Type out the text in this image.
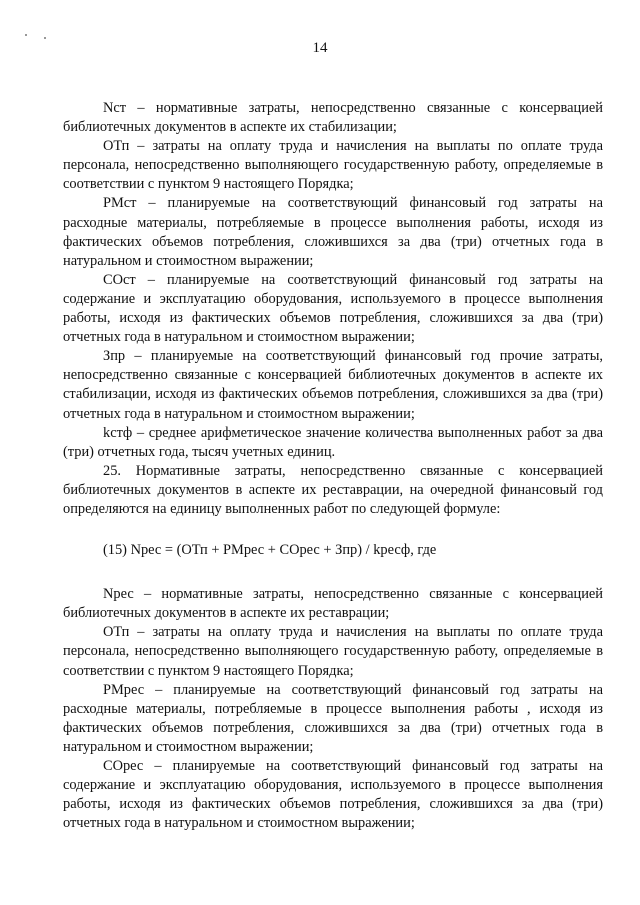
14

Nст – нормативные затраты, непосредственно связанные с консервацией библиотечных документов в аспекте их стабилизации;

ОТп – затраты на оплату труда и начисления на выплаты по оплате труда персонала, непосредственно выполняющего государственную работу, определяемые в соответствии с пунктом 9 настоящего Порядка;

РМст – планируемые на соответствующий финансовый год затраты на расходные материалы, потребляемые в процессе выполнения работы, исходя из фактических объемов потребления, сложившихся за два (три) отчетных года в натуральном и стоимостном выражении;

СОст – планируемые на соответствующий финансовый год затраты на содержание и эксплуатацию оборудования, используемого в процессе выполнения работы, исходя из фактических объемов потребления, сложившихся за два (три) отчетных года в натуральном и стоимостном выражении;

Зпр – планируемые на соответствующий финансовый год прочие затраты, непосредственно связанные с консервацией библиотечных документов в аспекте их стабилизации, исходя из фактических объемов потребления, сложившихся за два (три) отчетных года в натуральном и стоимостном выражении;

kстф – среднее арифметическое значение количества выполненных работ за два (три) отчетных года, тысяч учетных единиц.

25. Нормативные затраты, непосредственно связанные с консервацией библиотечных документов в аспекте их реставрации, на очередной финансовый год определяются на единицу выполненных работ по следующей формуле:

(15) Nрес = (ОТп + РМрес + СОрес + Зпр) / kресф, где

Nрес – нормативные затраты, непосредственно связанные с консервацией библиотечных документов в аспекте их реставрации;

ОТп – затраты на оплату труда и начисления на выплаты по оплате труда персонала, непосредственно выполняющего государственную работу, определяемые в соответствии с пунктом 9 настоящего Порядка;

РМрес – планируемые на соответствующий финансовый год затраты на расходные материалы, потребляемые в процессе выполнения работы , исходя из фактических объемов потребления, сложившихся за два (три) отчетных года в натуральном и стоимостном выражении;

СОрес – планируемые на соответствующий финансовый год затраты на содержание и эксплуатацию оборудования, используемого в процессе выполнения работы, исходя из фактических объемов потребления, сложившихся за два (три) отчетных года в натуральном и стоимостном выражении;
